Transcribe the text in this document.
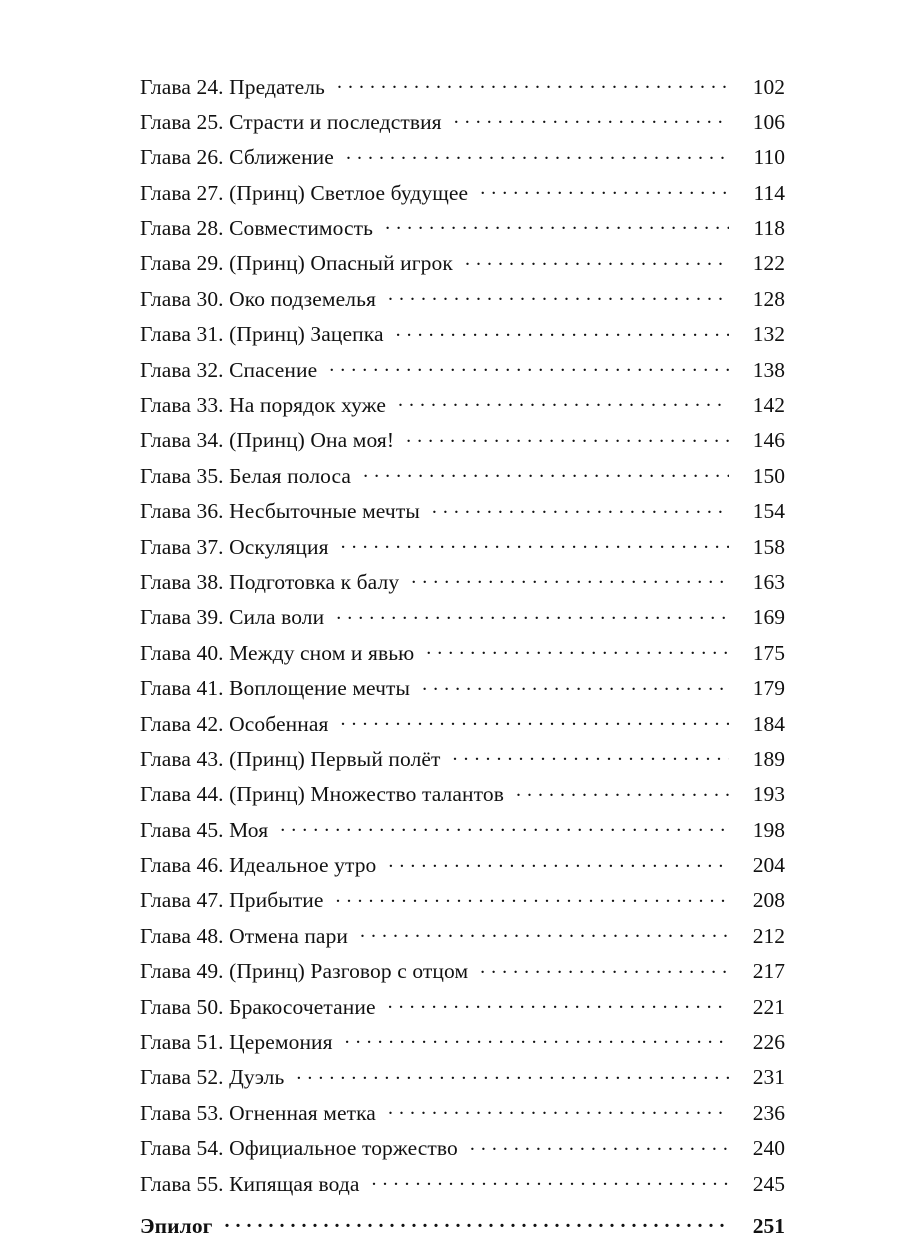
Глава 24. Предатель . . .	102
Глава 25. Страсти и последствия . . .	106
Глава 26. Сближение . . .	110
Глава 27. (Принц) Светлое будущее . . .	114
Глава 28. Совместимость . . .	118
Глава 29. (Принц) Опасный игрок . . .	122
Глава 30. Око подземелья . . .	128
Глава 31. (Принц) Зацепка . . .	132
Глава 32. Спасение . . .	138
Глава 33. На порядок хуже . . .	142
Глава 34. (Принц) Она моя! . . .	146
Глава 35. Белая полоса . . .	150
Глава 36. Несбыточные мечты . . .	154
Глава 37. Оскуляция . . .	158
Глава 38. Подготовка к балу . . .	163
Глава 39. Сила воли . . .	169
Глава 40. Между сном и явью . . .	175
Глава 41. Воплощение мечты . . .	179
Глава 42. Особенная . . .	184
Глава 43. (Принц) Первый полёт . . .	189
Глава 44. (Принц) Множество талантов . . .	193
Глава 45. Моя . . .	198
Глава 46. Идеальное утро . . .	204
Глава 47. Прибытие . . .	208
Глава 48. Отмена пари . . .	212
Глава 49. (Принц) Разговор с отцом . . .	217
Глава 50. Бракосочетание . . .	221
Глава 51. Церемония . . .	226
Глава 52. Дуэль . . .	231
Глава 53. Огненная метка . . .	236
Глава 54. Официальное торжество . . .	240
Глава 55. Кипящая вода . . .	245
Эпилог . . .	251
